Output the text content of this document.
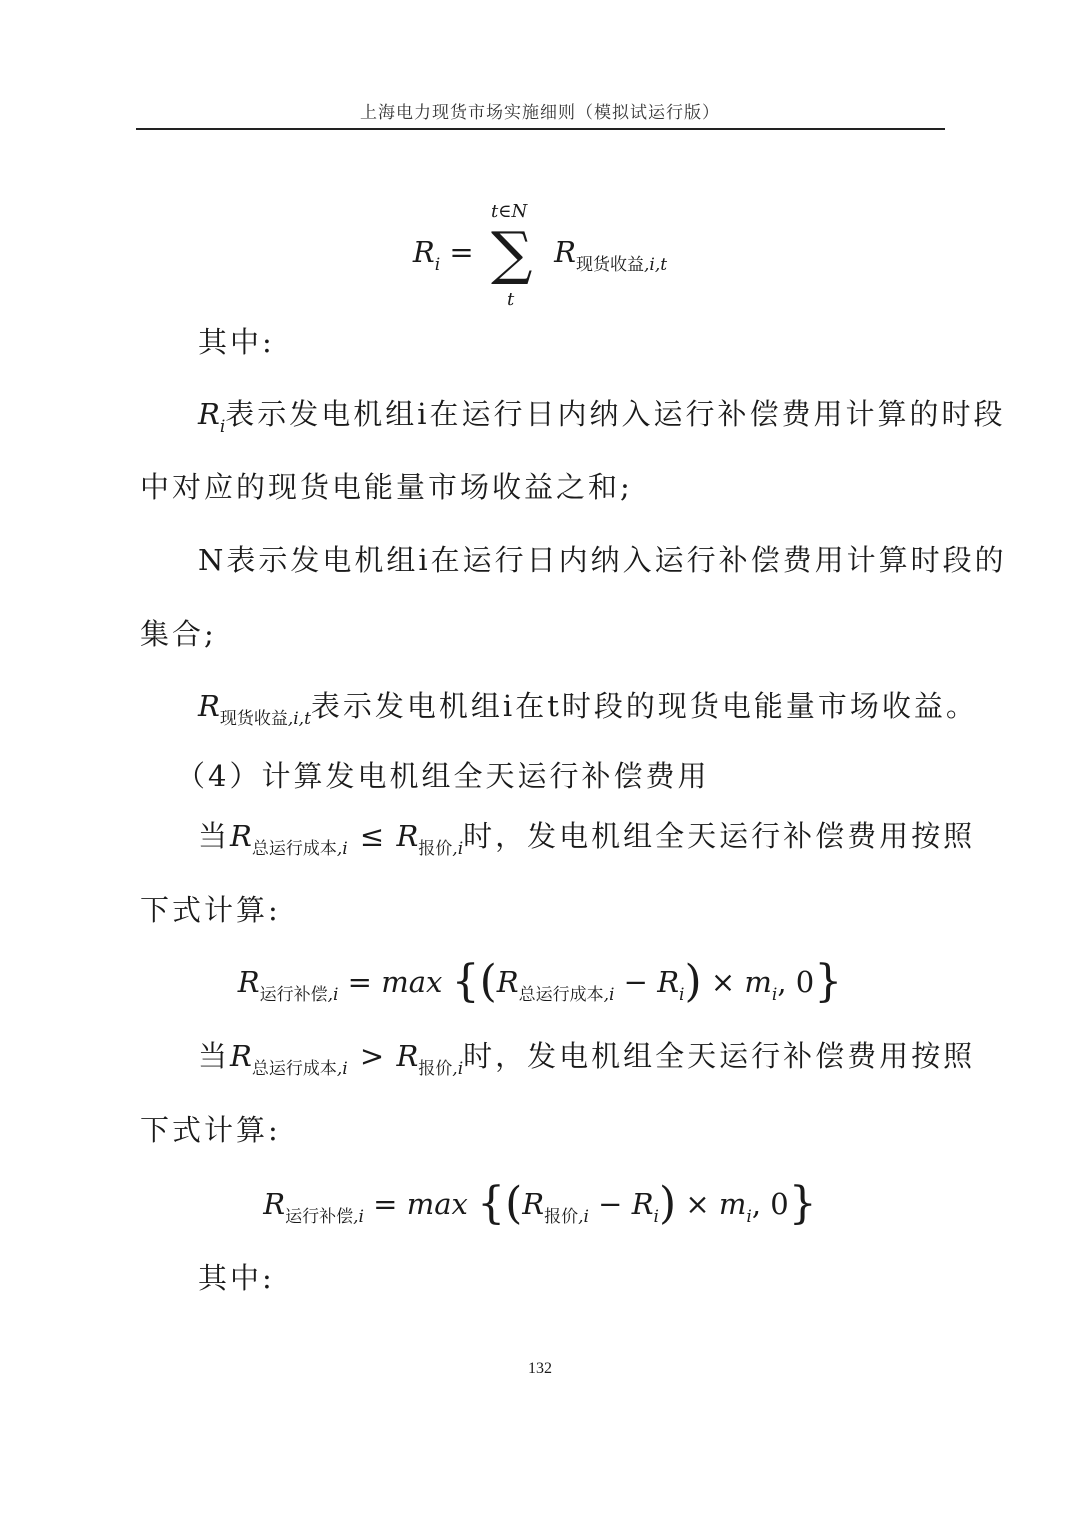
上海电力现货市场实施细则（模拟试运行版）
$R_i$ =
t∈N
∑
t
$R_{现货收益,i,t}$
其中:
$R_i$表示发电机组i在运行日内纳入运行补偿费用计算的时段
中对应的现货电能量市场收益之和;
N表示发电机组i在运行日内纳入运行补偿费用计算时段的
集合;
$R_{现货收益,i,t}$表示发电机组i在t时段的现货电能量市场收益。
（4）计算发电机组全天运行补偿费用
当$R_{总运行成本,i} \le R_{报价,i}$时，发电机组全天运行补偿费用按照
下式计算:
$R_{运行补偿,i} = \max \{(R_{总运行成本,i} - R_i) \times m_i$, 0}
当$R_{总运行成本,i} > R_{报价,i}$时，发电机组全天运行补偿费用按照
下式计算:
$R_{运行补偿,i} = \max \{(R_{报价,i} - R_i) \times m_i$, 0}
其中:
132
